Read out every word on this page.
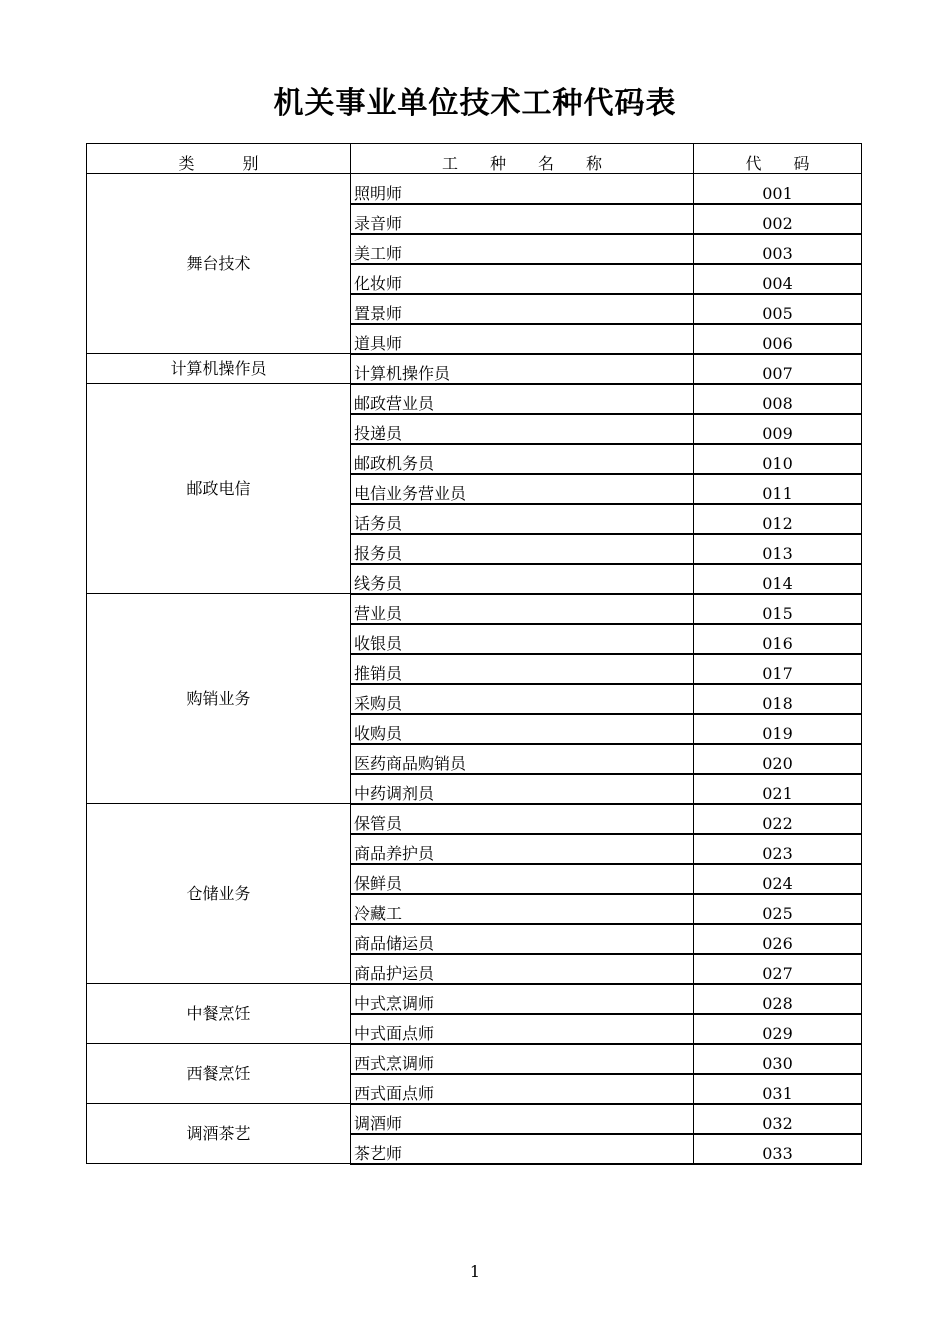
机关事业单位技术工种代码表
类　　　别	工　　种　　名　　称	代　　码
舞台技术	照明师	001
	录音师	002
	美工师	003
	化妆师	004
	置景师	005
	道具师	006
计算机操作员	计算机操作员	007
邮政电信	邮政营业员	008
	投递员	009
	邮政机务员	010
	电信业务营业员	011
	话务员	012
	报务员	013
	线务员	014
购销业务	营业员	015
	收银员	016
	推销员	017
	采购员	018
	收购员	019
	医药商品购销员	020
	中药调剂员	021
仓储业务	保管员	022
	商品养护员	023
	保鲜员	024
	冷藏工	025
	商品储运员	026
	商品护运员	027
中餐烹饪	中式烹调师	028
	中式面点师	029
西餐烹饪	西式烹调师	030
	西式面点师	031
调酒茶艺	调酒师	032
	茶艺师	033
1
